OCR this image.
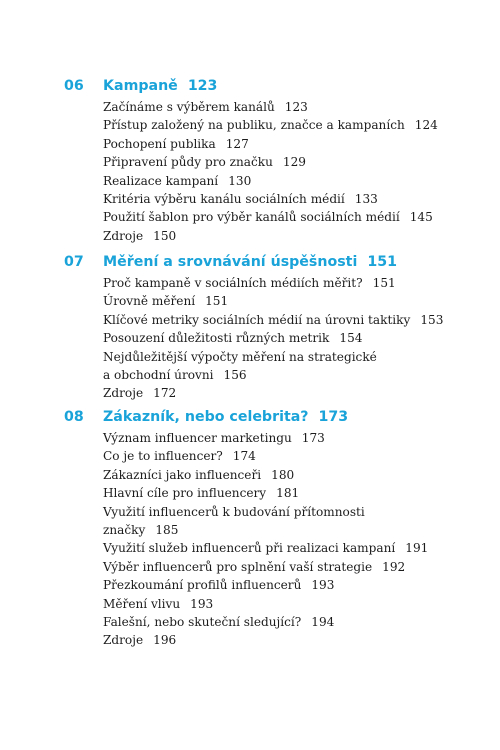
06 Kampaně 123
Začínáme s výběrem kanálů 123
Přístup založený na publiku, značce a kampaních 124
Pochopení publika 127
Připravení půdy pro značku 129
Realizace kampaní 130
Kritéria výběru kanálu sociálních médií 133
Použití šablon pro výběr kanálů sociálních médií 145
Zdroje 150
07 Měření a srovnávání úspěšnosti 151
Proč kampaně v sociálních médiích měřit? 151
Úrovně měření 151
Klíčové metriky sociálních médií na úrovni taktiky 153
Posouzení důležitosti různých metrik 154
Nejdůležitější výpočty měření na strategické
a obchodní úrovni 156
Zdroje 172
08 Zákazník, nebo celebrita? 173
Význam influencer marketingu 173
Co je to influencer? 174
Zákazníci jako influenceři 180
Hlavní cíle pro influencery 181
Využití influencerů k budování přítomnosti
značky 185
Využití služeb influencerů při realizaci kampaní 191
Výběr influencerů pro splnění vaší strategie 192
Přezkoumání profilů influencerů 193
Měření vlivu 193
Falešní, nebo skuteční sledující? 194
Zdroje 196
